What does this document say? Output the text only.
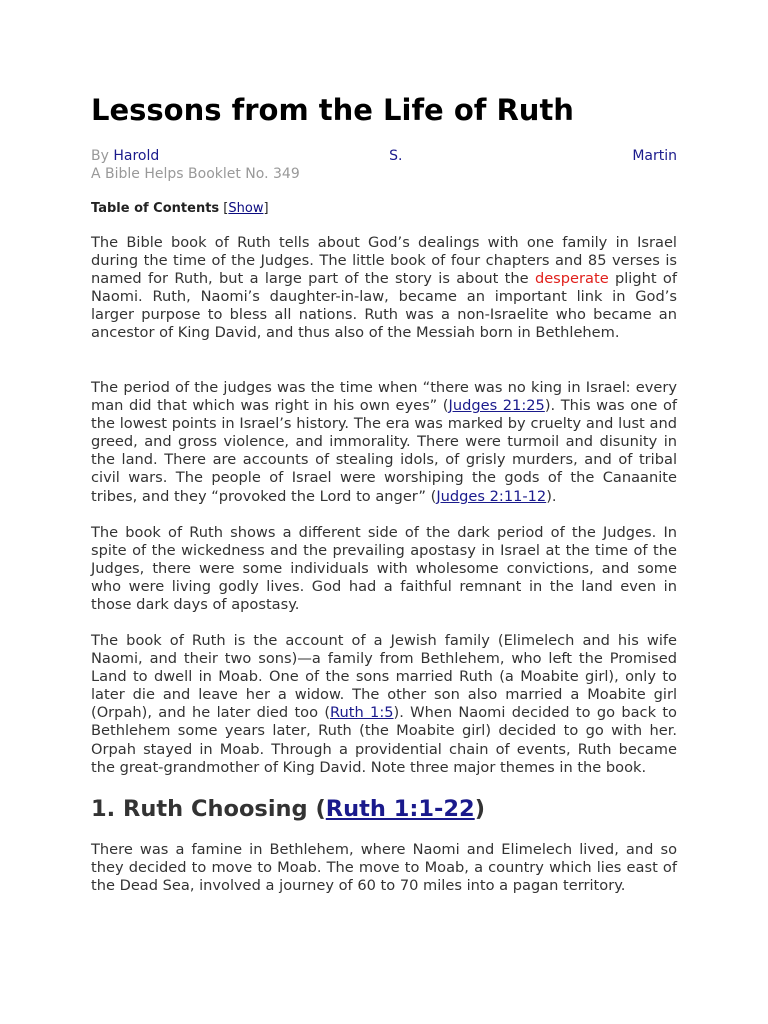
Lessons from the Life of Ruth
By Harold	S.	Martin
A Bible Helps Booklet No. 349
Table of Contents [Show]

The Bible book of Ruth tells about God’s dealings with one family in Israel during the time of the Judges. The little book of four chapters and 85 verses is named for Ruth, but a large part of the story is about the desperate plight of Naomi. Ruth, Naomi’s daughter-in-law, became an important link in God’s larger purpose to bless all nations. Ruth was a non-Israelite who became an ancestor of King David, and thus also of the Messiah born in Bethlehem.

The period of the judges was the time when “there was no king in Israel: every man did that which was right in his own eyes” (Judges 21:25). This was one of the lowest points in Israel’s history. The era was marked by cruelty and lust and greed, and gross violence, and immorality. There were turmoil and disunity in the land. There are accounts of stealing idols, of grisly murders, and of tribal civil wars. The people of Israel were worshiping the gods of the Canaanite tribes, and they “provoked the Lord to anger” (Judges 2:11-12).

The book of Ruth shows a different side of the dark period of the Judges. In spite of the wickedness and the prevailing apostasy in Israel at the time of the Judges, there were some individuals with wholesome convictions, and some who were living godly lives. God had a faithful remnant in the land even in those dark days of apostasy.

The book of Ruth is the account of a Jewish family (Elimelech and his wife Naomi, and their two sons)—a family from Bethlehem, who left the Promised Land to dwell in Moab. One of the sons married Ruth (a Moabite girl), only to later die and leave her a widow. The other son also married a Moabite girl (Orpah), and he later died too (Ruth 1:5). When Naomi decided to go back to Bethlehem some years later, Ruth (the Moabite girl) decided to go with her. Orpah stayed in Moab. Through a providential chain of events, Ruth became the great-grandmother of King David. Note three major themes in the book.

1. Ruth Choosing (Ruth 1:1-22)

There was a famine in Bethlehem, where Naomi and Elimelech lived, and so they decided to move to Moab. The move to Moab, a country which lies east of the Dead Sea, involved a journey of 60 to 70 miles into a pagan territory.
